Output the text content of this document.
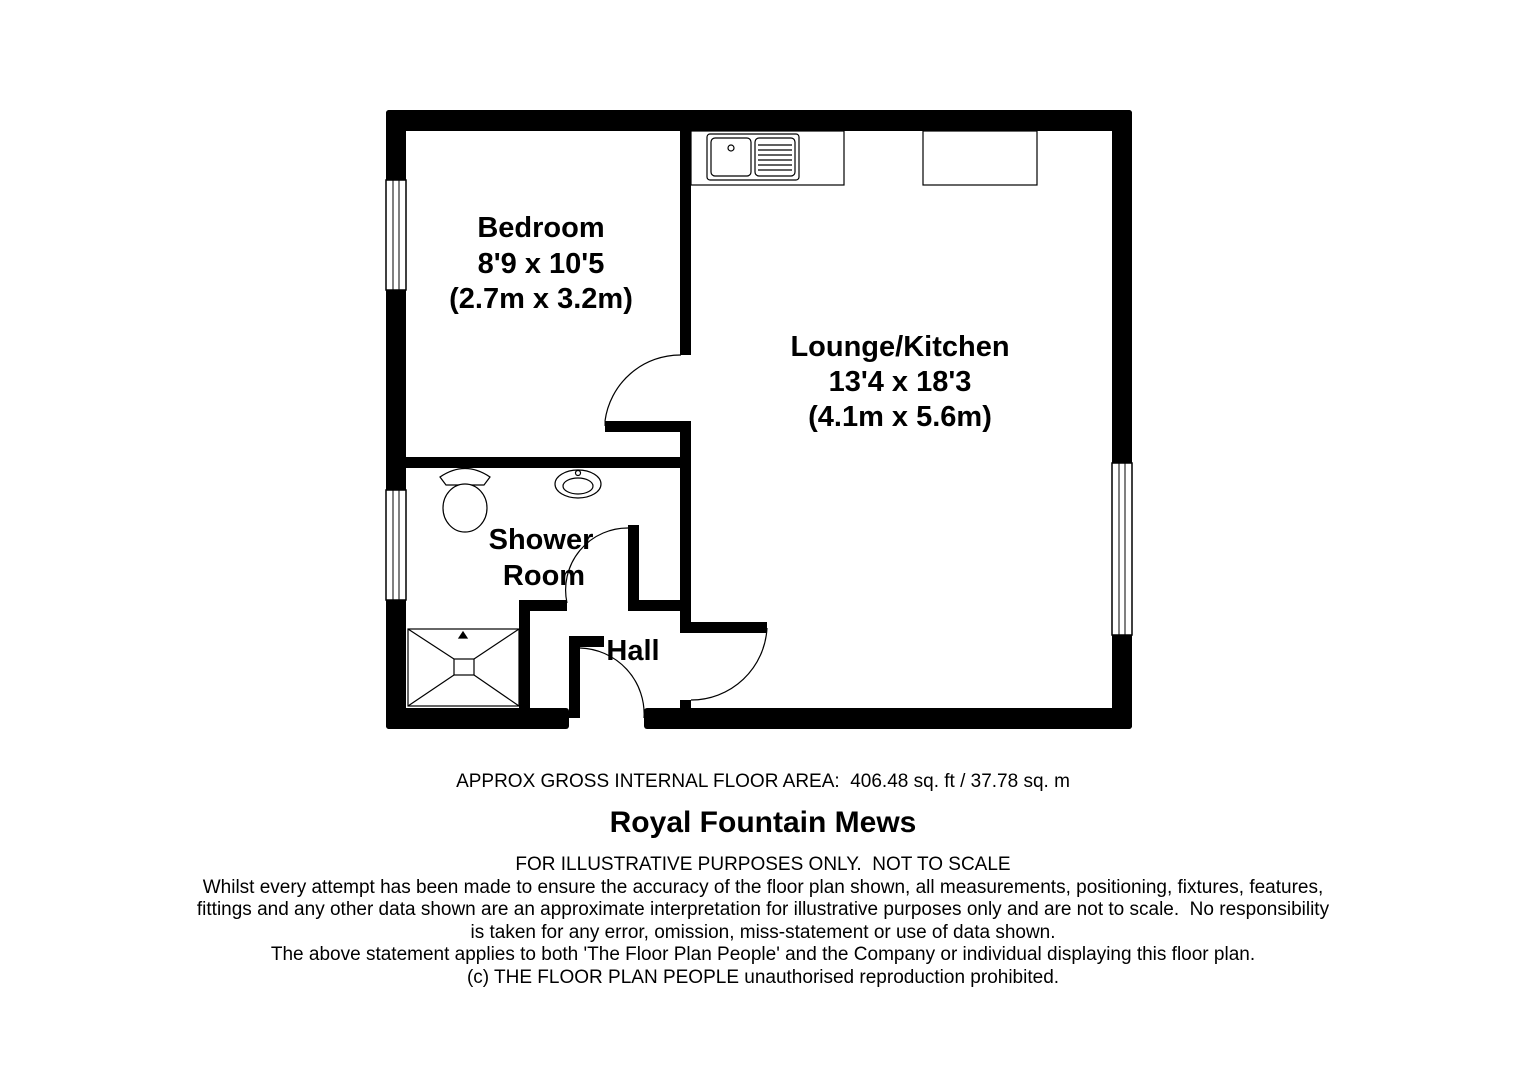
Bedroom
8'9 x 10'5
(2.7m x 3.2m)
Lounge/Kitchen
13'4 x 18'3
(4.1m x 5.6m)
Shower
Room
Hall
APPROX GROSS INTERNAL FLOOR AREA:  406.48 sq. ft / 37.78 sq. m
Royal Fountain Mews
FOR ILLUSTRATIVE PURPOSES ONLY.  NOT TO SCALE
Whilst every attempt has been made to ensure the accuracy of the floor plan shown, all measurements, positioning, fixtures, features,
fittings and any other data shown are an approximate interpretation for illustrative purposes only and are not to scale.  No responsibility
is taken for any error, omission, miss-statement or use of data shown.
The above statement applies to both 'The Floor Plan People' and the Company or individual displaying this floor plan.
(c) THE FLOOR PLAN PEOPLE unauthorised reproduction prohibited.
